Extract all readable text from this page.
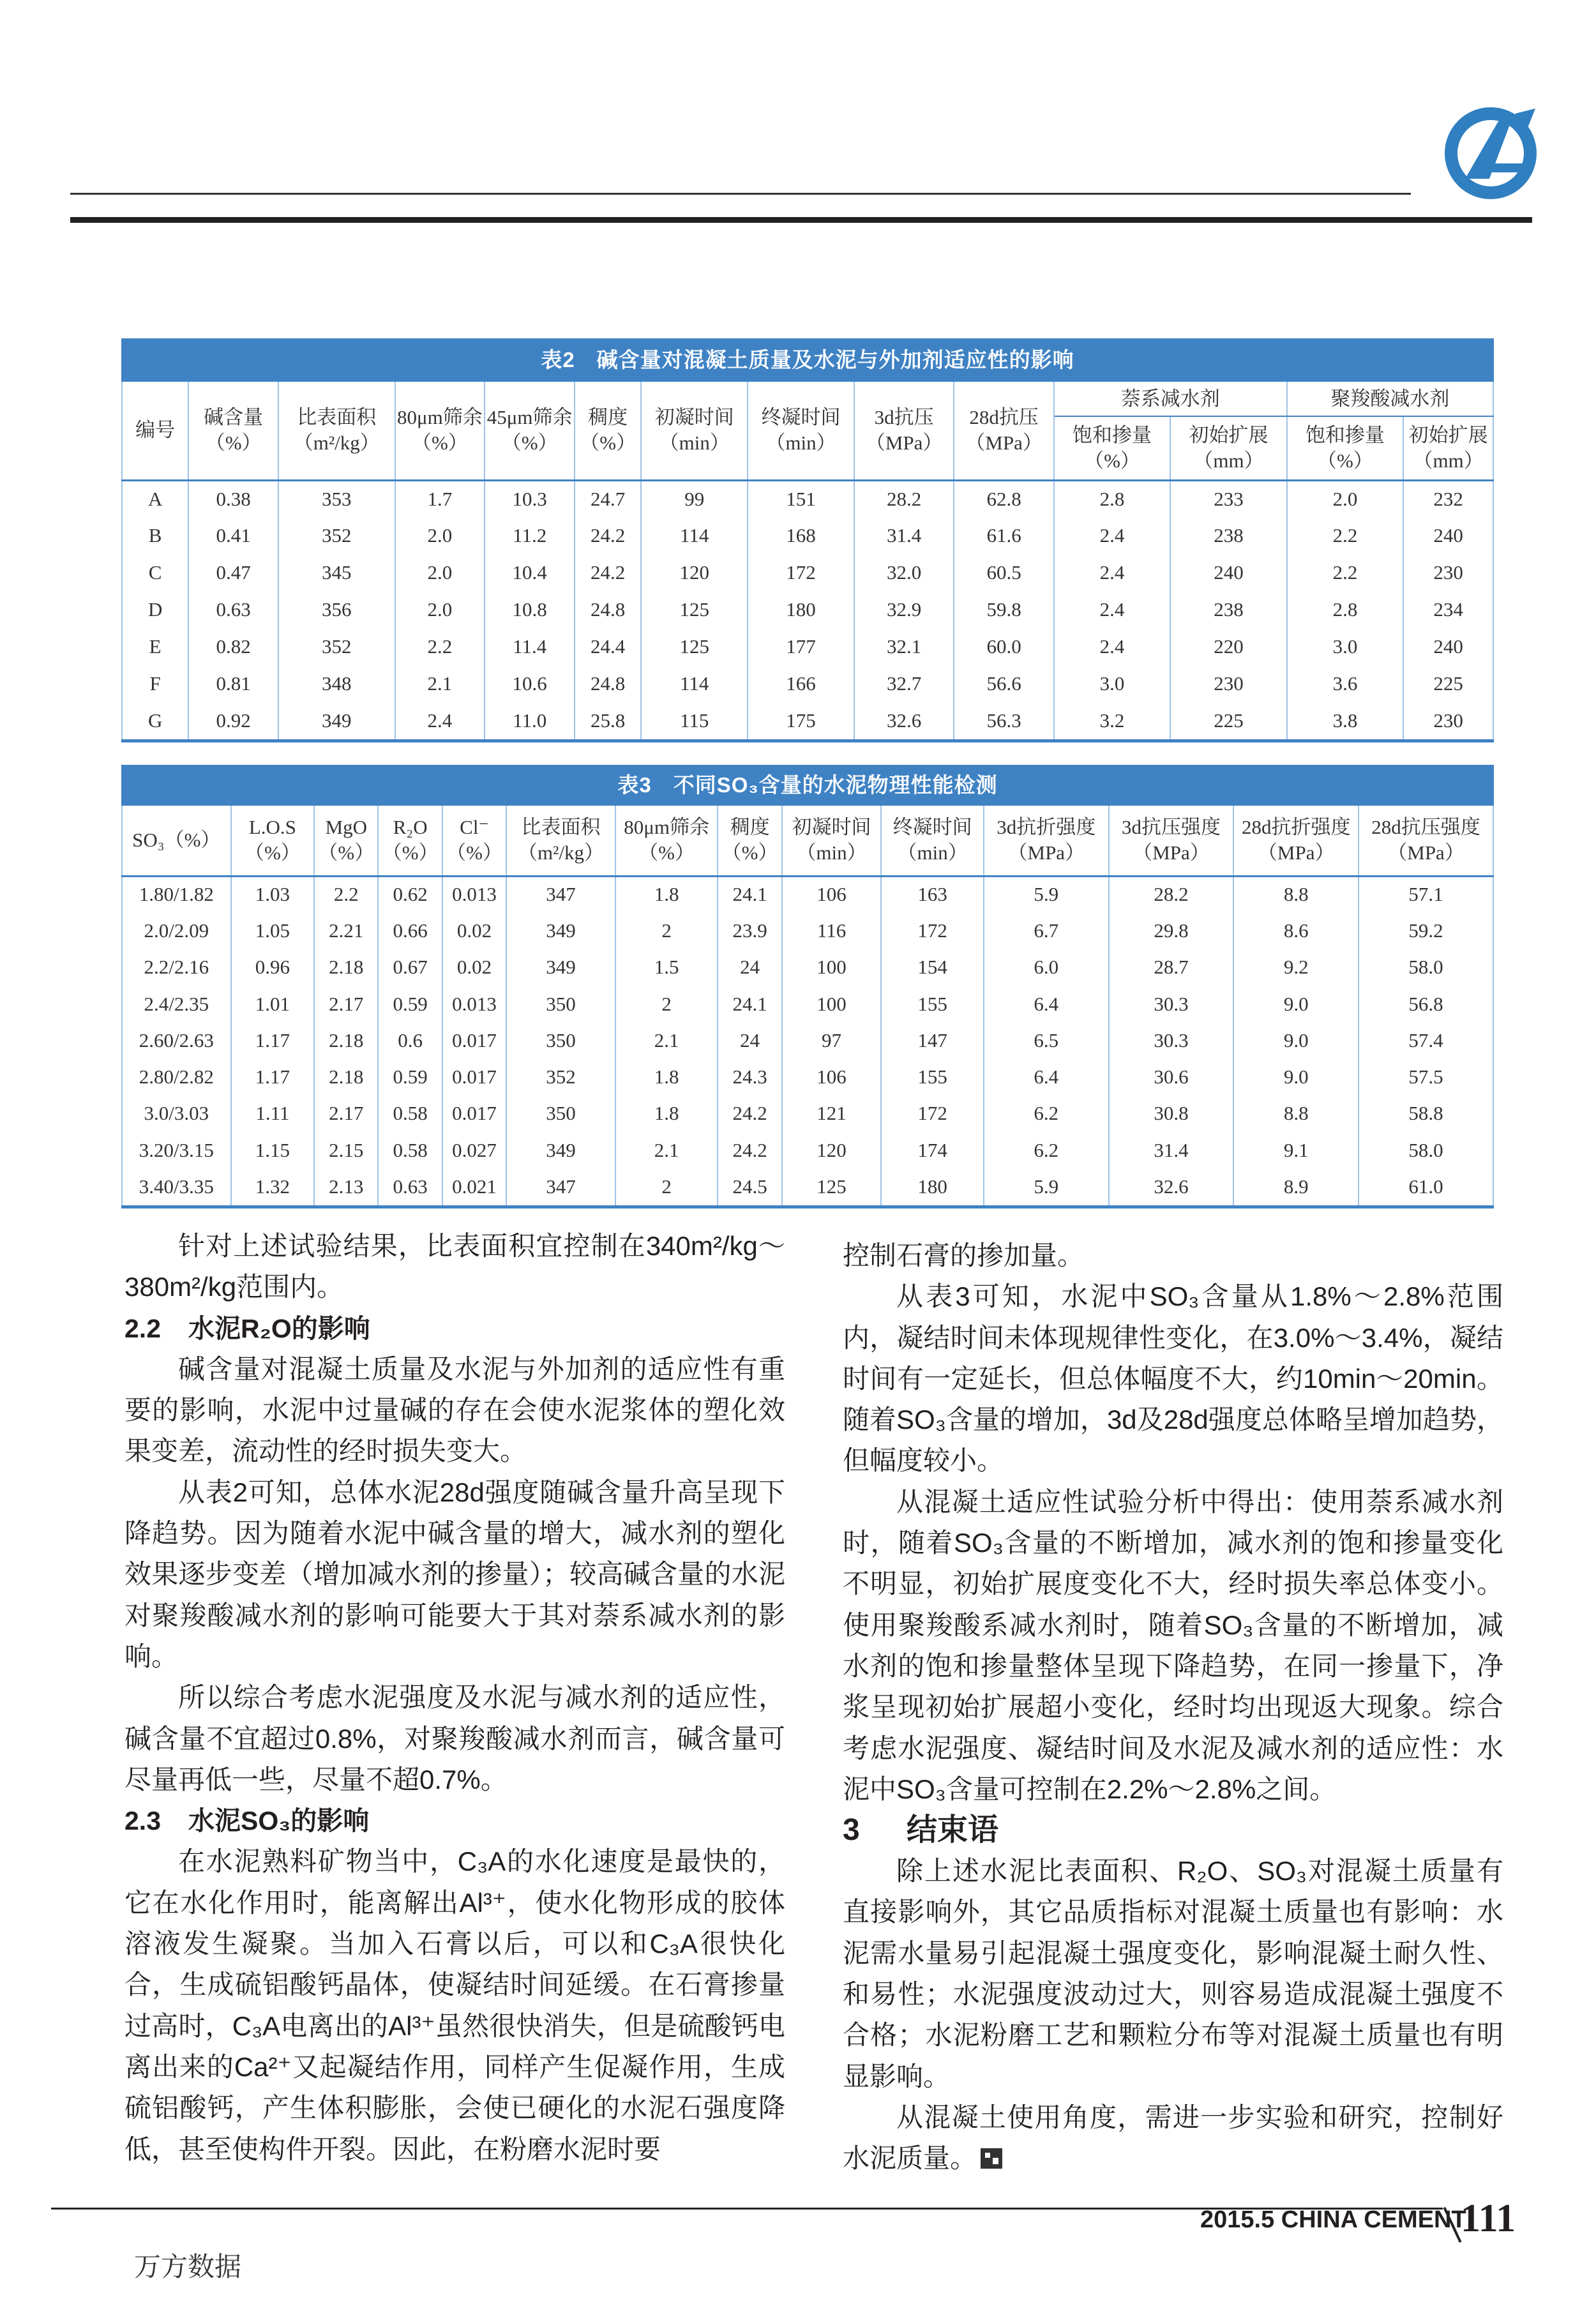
表2　碱含量对混凝土质量及水泥与外加剂适应性的影响
编号	碱含量（%）	比表面积（m²/kg）	80μm筛余（%）	45μm筛余（%）	稠度（%）	初凝时间（min）	终凝时间（min）	3d抗压（MPa）	28d抗压（MPa）	萘系减水剂		聚羧酸减水剂	
										饱和掺量（%）	初始扩展（mm）	饱和掺量（%）	初始扩展（mm）
A	0.38	353	1.7	10.3	24.7	99	151	28.2	62.8	2.8	233	2.0	232
B	0.41	352	2.0	11.2	24.2	114	168	31.4	61.6	2.4	238	2.2	240
C	0.47	345	2.0	10.4	24.2	120	172	32.0	60.5	2.4	240	2.2	230
D	0.63	356	2.0	10.8	24.8	125	180	32.9	59.8	2.4	238	2.8	234
E	0.82	352	2.2	11.4	24.4	125	177	32.1	60.0	2.4	220	3.0	240
F	0.81	348	2.1	10.6	24.8	114	166	32.7	56.6	3.0	230	3.6	225
G	0.92	349	2.4	11.0	25.8	115	175	32.6	56.3	3.2	225	3.8	230
表3　不同SO₃含量的水泥物理性能检测
SO₃（%）	L.O.S（%）	MgO（%）	R₂O（%）	Cl⁻（%）	比表面积（m²/kg）	80μm筛余（%）	稠度（%）	初凝时间（min）	终凝时间（min）	3d抗折强度（MPa）	3d抗压强度（MPa）	28d抗折强度（MPa）	28d抗压强度（MPa）
1.80/1.82	1.03	2.2	0.62	0.013	347	1.8	24.1	106	163	5.9	28.2	8.8	57.1
2.0/2.09	1.05	2.21	0.66	0.02	349	2	23.9	116	172	6.7	29.8	8.6	59.2
2.2/2.16	0.96	2.18	0.67	0.02	349	1.5	24	100	154	6.0	28.7	9.2	58.0
2.4/2.35	1.01	2.17	0.59	0.013	350	2	24.1	100	155	6.4	30.3	9.0	56.8
2.60/2.63	1.17	2.18	0.6	0.017	350	2.1	24	97	147	6.5	30.3	9.0	57.4
2.80/2.82	1.17	2.18	0.59	0.017	352	1.8	24.3	106	155	6.4	30.6	9.0	57.5
3.0/3.03	1.11	2.17	0.58	0.017	350	1.8	24.2	121	172	6.2	30.8	8.8	58.8
3.20/3.15	1.15	2.15	0.58	0.027	349	2.1	24.2	120	174	6.2	31.4	9.1	58.0
3.40/3.35	1.32	2.13	0.63	0.021	347	2	24.5	125	180	5.9	32.6	8.9	61.0

针对上述试验结果，比表面积宜控制在340m²/kg～380m²/kg范围内。

2.2 水泥R₂O的影响

碱含量对混凝土质量及水泥与外加剂的适应性有重要的影响，水泥中过量碱的存在会使水泥浆体的塑化效果变差，流动性的经时损失变大。

从表2可知，总体水泥28d强度随碱含量升高呈现下降趋势。因为随着水泥中碱含量的增大，减水剂的塑化效果逐步变差（增加减水剂的掺量）；较高碱含量的水泥对聚羧酸减水剂的影响可能要大于其对萘系减水剂的影响。

所以综合考虑水泥强度及水泥与减水剂的适应性，碱含量不宜超过0.8%，对聚羧酸减水剂而言，碱含量可尽量再低一些，尽量不超0.7%。

2.3 水泥SO₃的影响

在水泥熟料矿物当中，C₃A的水化速度是最快的，它在水化作用时，能离解出Al³⁺，使水化物形成的胶体溶液发生凝聚。当加入石膏以后，可以和C₃A很快化合，生成硫铝酸钙晶体，使凝结时间延缓。在石膏掺量过高时，C₃A电离出的Al³⁺虽然很快消失，但是硫酸钙电离出来的Ca²⁺又起凝结作用，同样产生促凝作用，生成硫铝酸钙，产生体积膨胀，会使已硬化的水泥石强度降低，甚至使构件开裂。因此，在粉磨水泥时要

控制石膏的掺加量。

从表3可知，水泥中SO₃含量从1.8%～2.8%范围内，凝结时间未体现规律性变化，在3.0%～3.4%，凝结时间有一定延长，但总体幅度不大，约10min～20min。随着SO₃含量的增加，3d及28d强度总体略呈增加趋势，但幅度较小。

从混凝土适应性试验分析中得出：使用萘系减水剂时，随着SO₃含量的不断增加，减水剂的饱和掺量变化不明显，初始扩展度变化不大，经时损失率总体变小。使用聚羧酸系减水剂时，随着SO₃含量的不断增加，减水剂的饱和掺量整体呈现下降趋势，在同一掺量下，净浆呈现初始扩展超小变化，经时均出现返大现象。综合考虑水泥强度、凝结时间及水泥及减水剂的适应性：水泥中SO₃含量可控制在2.2%～2.8%之间。

3 结束语

除上述水泥比表面积、R₂O、SO₃对混凝土质量有直接影响外，其它品质指标对混凝土质量也有影响：水泥需水量易引起混凝土强度变化，影响混凝土耐久性、和易性；水泥强度波动过大，则容易造成混凝土强度不合格；水泥粉磨工艺和颗粒分布等对混凝土质量也有明显影响。

从混凝土使用角度，需进一步实验和研究，控制好水泥质量。

2015.5 CHINA CEMENT
111
万方数据
